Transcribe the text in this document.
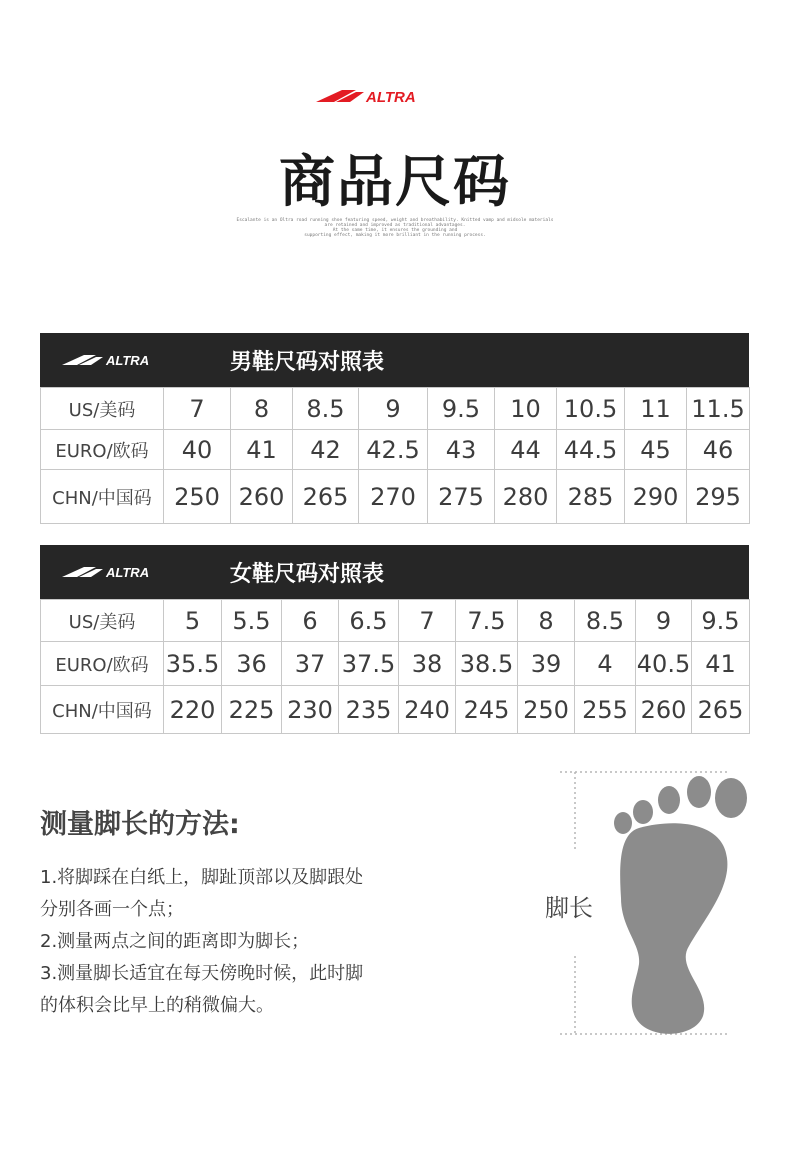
ALTRA
商品尺码
Escalante is an Oltra road running shoe featuring speed, weight and breathability. Knitted vamp and midsole materials
are retained and improved as traditional advantages.
At the same time, it ensures the grounding and
supporting effect, making it more brilliant in the running process.
ALTRA	男鞋尺码对照表
US/美码	7	8	8.5	9	9.5	10	10.5	11	11.5
EURO/欧码	40	41	42	42.5	43	44	44.5	45	46
CHN/中国码	250	260	265	270	275	280	285	290	295
ALTRA	女鞋尺码对照表
US/美码	5	5.5	6	6.5	7	7.5	8	8.5	9	9.5
EURO/欧码	35.5	36	37	37.5	38	38.5	39	4	40.5	41
CHN/中国码	220	225	230	235	240	245	250	255	260	265
测量脚长的方法:

1.将脚踩在白纸上，脚趾顶部以及脚跟处

分别各画一个点；

2.测量两点之间的距离即为脚长；

3.测量脚长适宜在每天傍晚时候，此时脚

的体积会比早上的稍微偏大。

脚长
